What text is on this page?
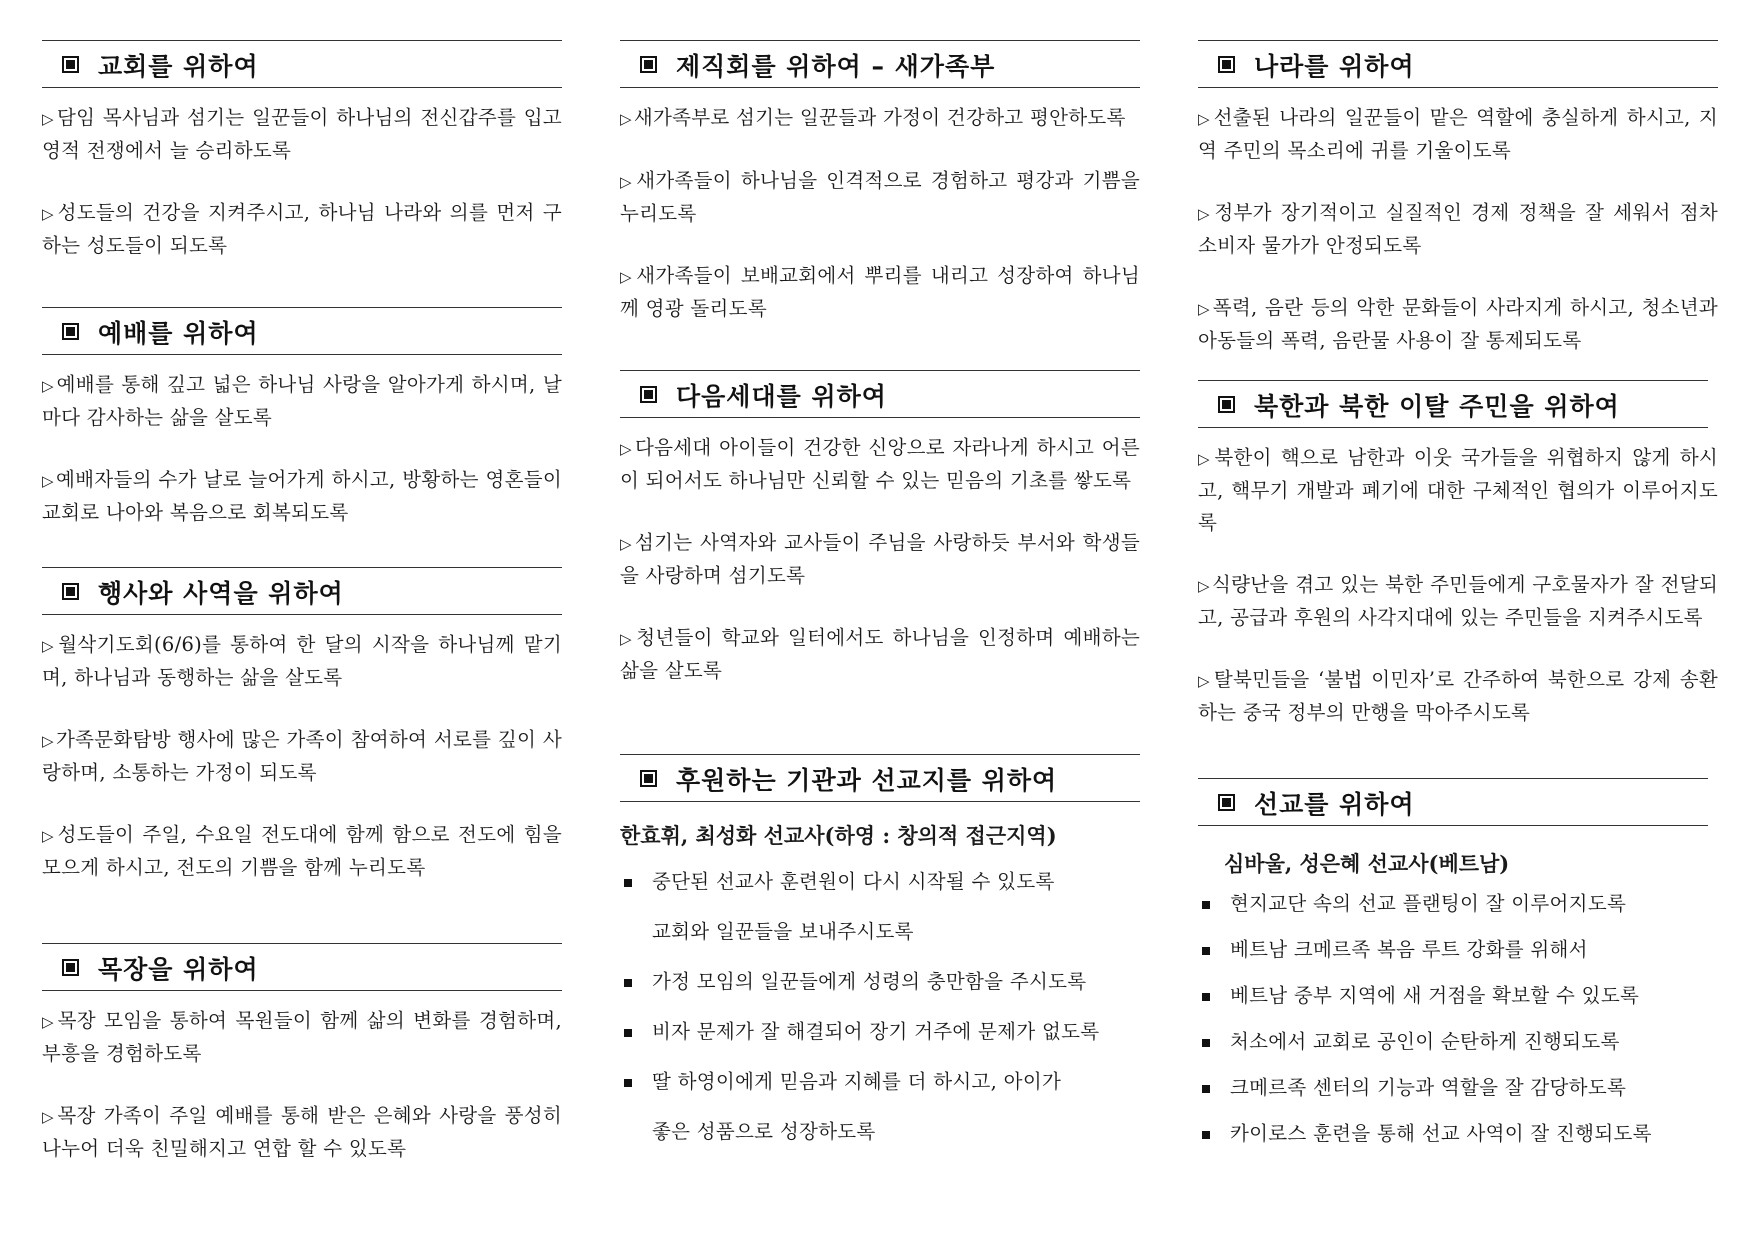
교회를 위하여
▷ 담임 목사님과 섬기는 일꾼들이 하나님의 전신갑주를 입고 영적 전쟁에서 늘 승리하도록
▷ 성도들의 건강을 지켜주시고, 하나님 나라와 의를 먼저 구하는 성도들이 되도록
예배를 위하여
▷ 예배를 통해 깊고 넓은 하나님 사랑을 알아가게 하시며, 날마다 감사하는 삶을 살도록
▷ 예배자들의 수가 날로 늘어가게 하시고, 방황하는 영혼들이 교회로 나아와 복음으로 회복되도록
행사와 사역을 위하여
▷ 월삭기도회(6/6)를 통하여 한 달의 시작을 하나님께 맡기며, 하나님과 동행하는 삶을 살도록
▷ 가족문화탐방 행사에 많은 가족이 참여하여 서로를 깊이 사랑하며, 소통하는 가정이 되도록
▷ 성도들이 주일, 수요일 전도대에 함께 함으로 전도에 힘을 모으게 하시고, 전도의 기쁨을 함께 누리도록
목장을 위하여
▷ 목장 모임을 통하여 목원들이 함께 삶의 변화를 경험하며, 부흥을 경험하도록
▷ 목장 가족이 주일 예배를 통해 받은 은혜와 사랑을 풍성히 나누어 더욱 친밀해지고 연합 할 수 있도록
제직회를 위하여 – 새가족부
▷ 새가족부로 섬기는 일꾼들과 가정이 건강하고 평안하도록
▷ 새가족들이 하나님을 인격적으로 경험하고 평강과 기쁨을 누리도록
▷ 새가족들이 보배교회에서 뿌리를 내리고 성장하여 하나님께 영광 돌리도록
다음세대를 위하여
▷ 다음세대 아이들이 건강한 신앙으로 자라나게 하시고 어른이 되어서도 하나님만 신뢰할 수 있는 믿음의 기초를 쌓도록
▷ 섬기는 사역자와 교사들이 주님을 사랑하듯 부서와 학생들을 사랑하며 섬기도록
▷ 청년들이 학교와 일터에서도 하나님을 인정하며 예배하는 삶을 살도록
후원하는 기관과 선교지를 위하여
한효휘, 최성화 선교사(하영 : 창의적 접근지역)
중단된 선교사 훈련원이 다시 시작될 수 있도록
교회와 일꾼들을 보내주시도록
가정 모임의 일꾼들에게 성령의 충만함을 주시도록
비자 문제가 잘 해결되어 장기 거주에 문제가 없도록
딸 하영이에게 믿음과 지혜를 더 하시고, 아이가
좋은 성품으로 성장하도록
나라를 위하여
▷ 선출된 나라의 일꾼들이 맡은 역할에 충실하게 하시고, 지역 주민의 목소리에 귀를 기울이도록
▷ 정부가 장기적이고 실질적인 경제 정책을 잘 세워서 점차 소비자 물가가 안정되도록
▷ 폭력, 음란 등의 악한 문화들이 사라지게 하시고, 청소년과 아동들의 폭력, 음란물 사용이 잘 통제되도록
북한과 북한 이탈 주민을 위하여
▷ 북한이 핵으로 남한과 이웃 국가들을 위협하지 않게 하시고, 핵무기 개발과 폐기에 대한 구체적인 협의가 이루어지도록
▷ 식량난을 겪고 있는 북한 주민들에게 구호물자가 잘 전달되고, 공급과 후원의 사각지대에 있는 주민들을 지켜주시도록
▷ 탈북민들을 ‘불법 이민자’로 간주하여 북한으로 강제 송환하는 중국 정부의 만행을 막아주시도록
선교를 위하여
심바울, 성은혜 선교사(베트남)
현지교단 속의 선교 플랜팅이 잘 이루어지도록
베트남 크메르족 복음 루트 강화를 위해서
베트남 중부 지역에 새 거점을 확보할 수 있도록
처소에서 교회로 공인이 순탄하게 진행되도록
크메르족 센터의 기능과 역할을 잘 감당하도록
카이로스 훈련을 통해 선교 사역이 잘 진행되도록
